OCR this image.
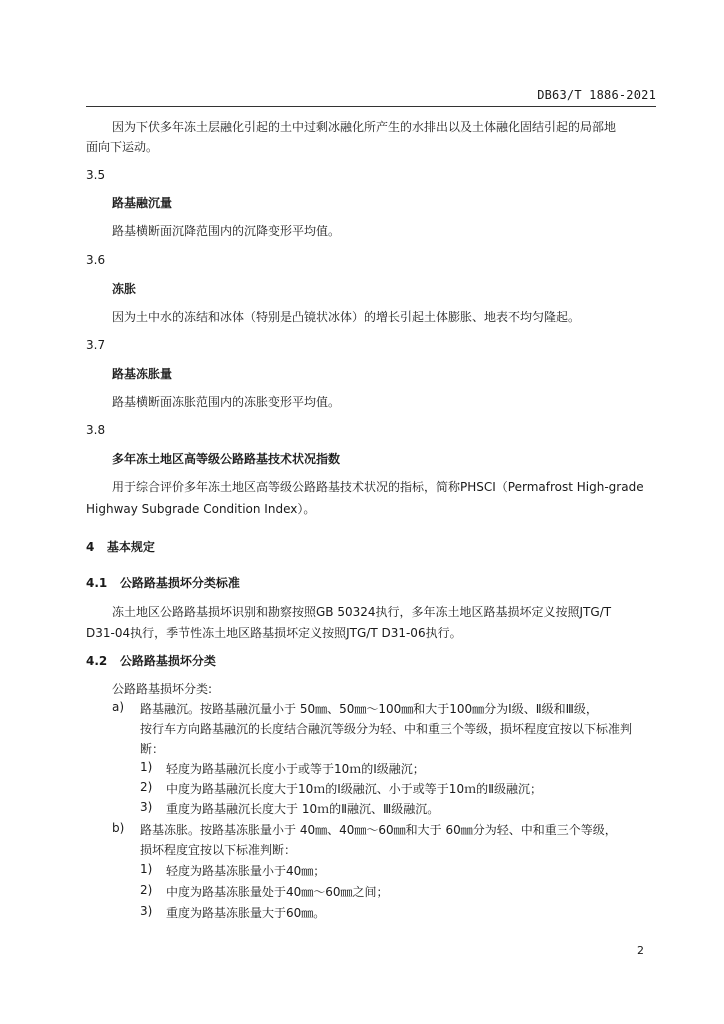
DB63/T 1886-2021
因为下伏多年冻土层融化引起的土中过剩冰融化所产生的水排出以及土体融化固结引起的局部地
面向下运动。
3.5
路基融沉量
路基横断面沉降范围内的沉降变形平均值。
3.6
冻胀
因为土中水的冻结和冰体（特别是凸镜状冰体）的增长引起土体膨胀、地表不均匀隆起。
3.7
路基冻胀量
路基横断面冻胀范围内的冻胀变形平均值。
3.8
多年冻土地区高等级公路路基技术状况指数
用于综合评价多年冻土地区高等级公路路基技术状况的指标，简称PHSCI（Permafrost High-grade
Highway Subgrade Condition Index）。
4 基本规定
4.1 公路路基损坏分类标准
冻土地区公路路基损坏识别和勘察按照GB 50324执行，多年冻土地区路基损坏定义按照JTG/T
D31-04执行，季节性冻土地区路基损坏定义按照JTG/T D31-06执行。
4.2 公路路基损坏分类
公路路基损坏分类:
a) 路基融沉。按路基融沉量小于 50㎜、50㎜～100㎜和大于100㎜分为Ⅰ级、Ⅱ级和Ⅲ级，
按行车方向路基融沉的长度结合融沉等级分为轻、中和重三个等级，损坏程度宜按以下标准判
断：
1) 轻度为路基融沉长度小于或等于10ｍ的Ⅰ级融沉；
2) 中度为路基融沉长度大于10ｍ的Ⅰ级融沉、小于或等于10ｍ的Ⅱ级融沉；
3) 重度为路基融沉长度大于 10ｍ的Ⅱ融沉、Ⅲ级融沉。
b) 路基冻胀。按路基冻胀量小于 40㎜、40㎜～60㎜和大于 60㎜分为轻、中和重三个等级，
损坏程度宜按以下标准判断：
1) 轻度为路基冻胀量小于40㎜；
2) 中度为路基冻胀量处于40㎜～60㎜之间；
3) 重度为路基冻胀量大于60㎜。
2
